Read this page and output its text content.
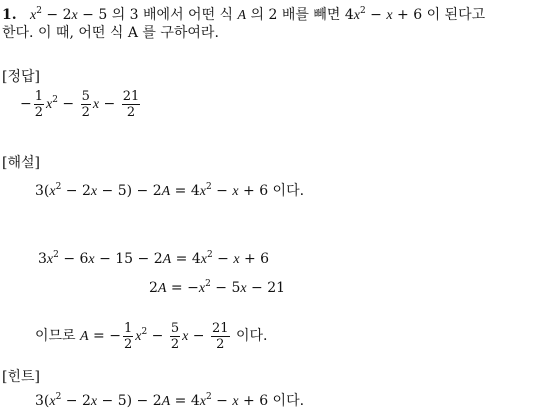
1. $x^2 - 2x - 5$ 의 3 배에서 어떤 식 A 의 2 배를 빼면 $4x^2 - x + 6$ 이 된다고
한다. 이 때, 어떤 식 A 를 구하여라.
[정답]
− $\frac{1}{2} x^2 - \frac{5}{2}$ $x - \frac{21}{2}$
[해설]
$3(x^2 - 2x - 5) - 2A = 4x^2 - x + 6$ 이다.
$3x^2 - 6x - 15 - 2A = 4x^2 - x + 6$
$2A = -x^2 - 5x - 21$
이므로 A = − $\frac{1}{2} x^2 - \frac{5}{2}$ $x - \frac{21}{2}$ 이다.
[힌트]
$3(x^2 - 2x - 5) - 2A = 4x^2 - x + 6$ 이다.
